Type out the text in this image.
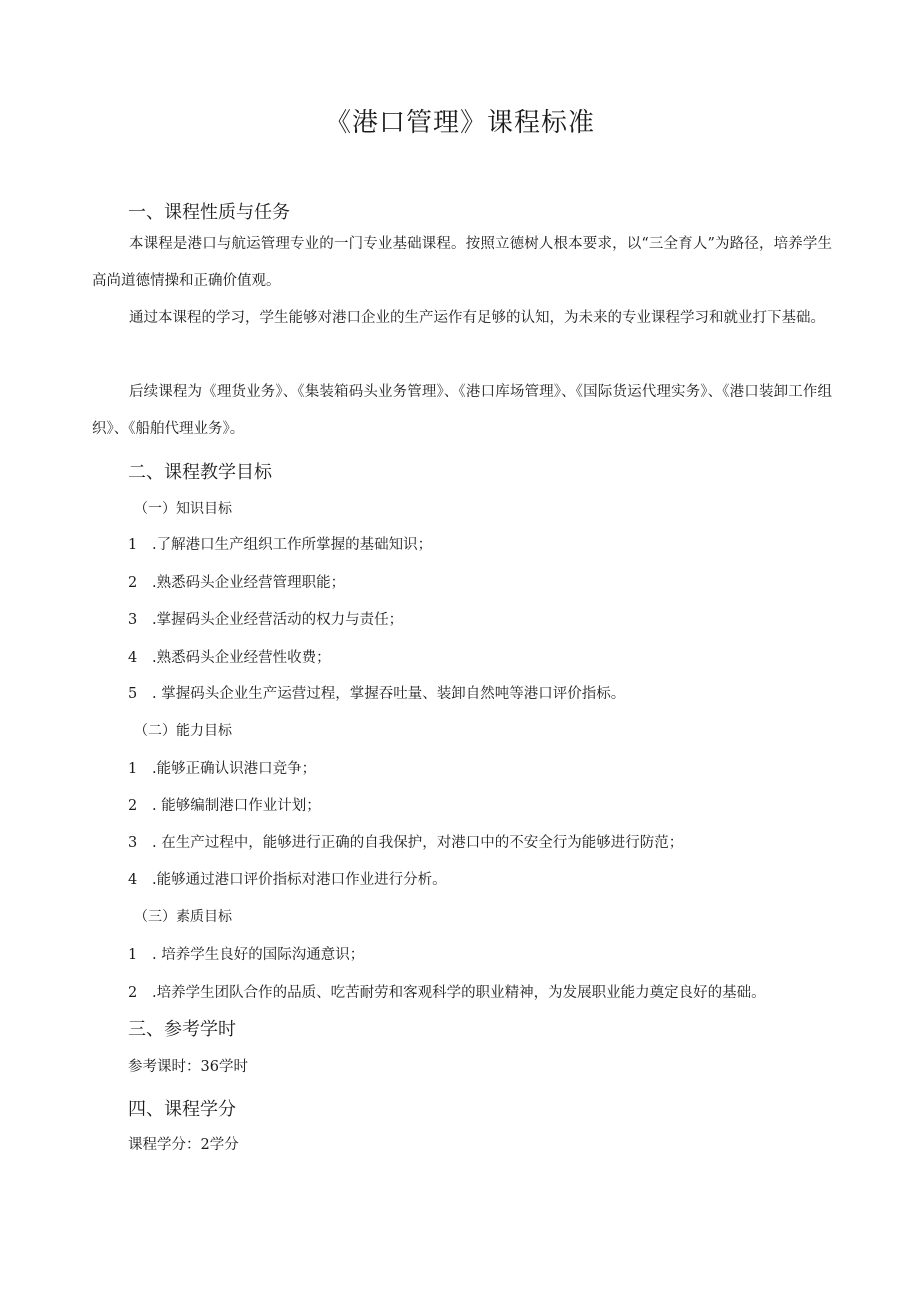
《港口管理》课程标准
一、课程性质与任务

本课程是港口与航运管理专业的一门专业基础课程。按照立德树人根本要求，以“三全育人”为路径，培养学生高尚道德情操和正确价值观。

通过本课程的学习，学生能够对港口企业的生产运作有足够的认知，为未来的专业课程学习和就业打下基础。

后续课程为《理货业务》、《集装箱码头业务管理》、《港口库场管理》、《国际货运代理实务》、《港口装卸工作组织》、《船舶代理业务》。

二、课程教学目标
（一）知识目标
1 .了解港口生产组织工作所掌握的基础知识；
2 .熟悉码头企业经营管理职能；
3 .掌握码头企业经营活动的权力与责任；
4 .熟悉码头企业经营性收费；
5 . 掌握码头企业生产运营过程，掌握吞吐量、装卸自然吨等港口评价指标。
（二）能力目标
1 .能够正确认识港口竞争；
2 . 能够编制港口作业计划；
3 . 在生产过程中，能够进行正确的自我保护，对港口中的不安全行为能够进行防范；
4 .能够通过港口评价指标对港口作业进行分析。
（三）素质目标
1 . 培养学生良好的国际沟通意识；
2 .培养学生团队合作的品质、吃苦耐劳和客观科学的职业精神，为发展职业能力奠定良好的基础。
三、参考学时
参考课时：36学时
四、课程学分
课程学分：2学分
